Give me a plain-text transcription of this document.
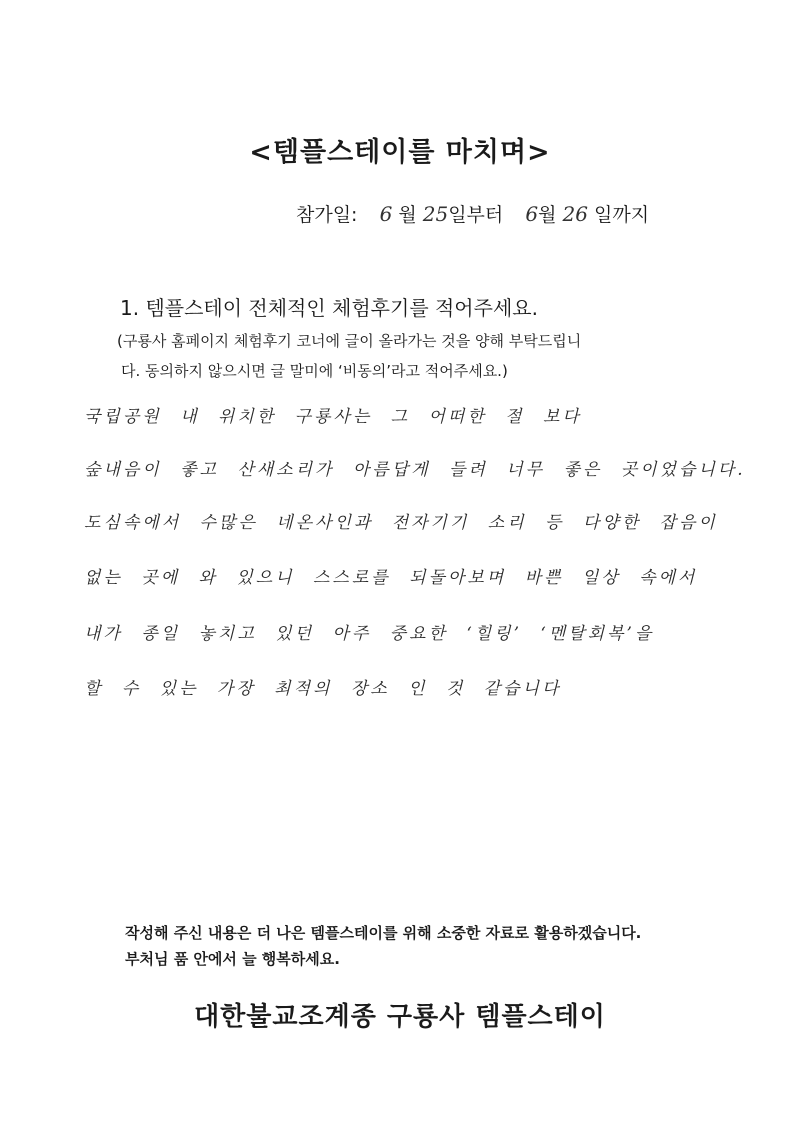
<템플스테이를 마치며>
참가일: 6 월 25일부터 6월 26 일까지
1. 템플스테이 전체적인 체험후기를 적어주세요.
(구룡사 홈페이지 체험후기 코너에 글이 올라가는 것을 양해 부탁드립니
다. 동의하지 않으시면 글 말미에 ‘비동의’라고 적어주세요.)
국립공원 내 위치한 구룡사는 그 어떠한 절 보다
숲내음이 좋고 산새소리가 아름답게 들려 너무 좋은 곳이었습니다.
도심속에서 수많은 네온사인과 전자기기 소리 등 다양한 잡음이
없는 곳에 와 있으니 스스로를 되돌아보며 바쁜 일상 속에서
내가 종일 놓치고 있던 아주 중요한 ‘힐링’ ‘멘탈회복’을
할 수 있는 가장 최적의 장소 인 것 같습니다
작성해 주신 내용은 더 나은 템플스테이를 위해 소중한 자료로 활용하겠습니다.
부처님 품 안에서 늘 행복하세요.
대한불교조계종 구룡사 템플스테이
